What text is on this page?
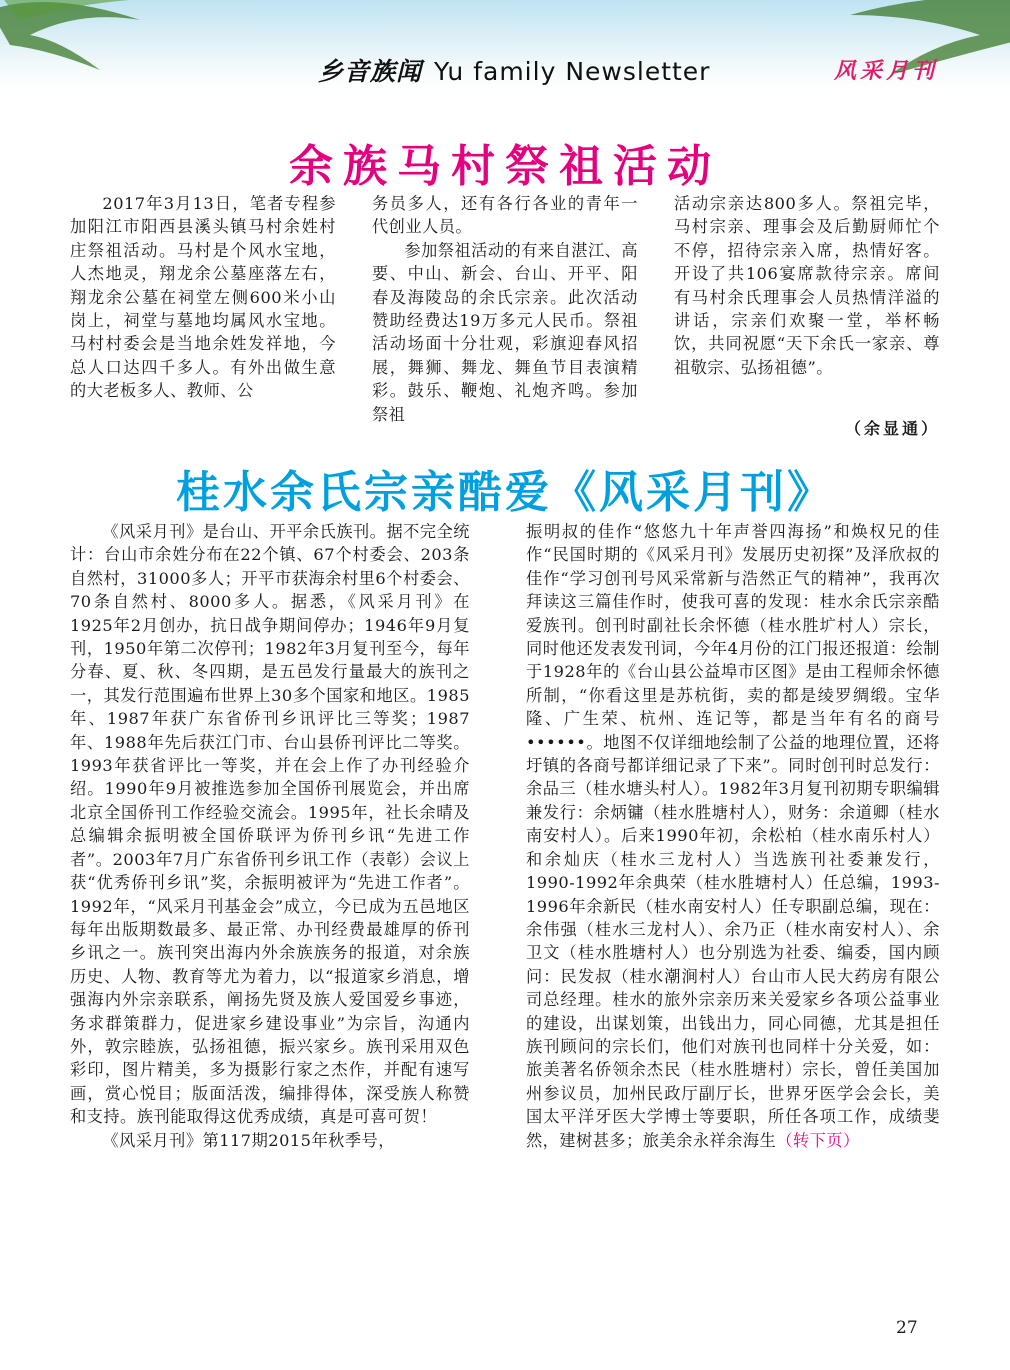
乡音族闻 Yu family Newsletter	风采月刊
余族马村祭祖活动

2017年3月13日，笔者专程参加阳江市阳西县溪头镇马村余姓村庄祭祖活动。马村是个风水宝地，人杰地灵，翔龙余公墓座落左右，翔龙余公墓在祠堂左侧600米小山岗上，祠堂与墓地均属风水宝地。马村村委会是当地余姓发祥地，今总人口达四千多人。有外出做生意的大老板多人、教师、公

务员多人，还有各行各业的青年一代创业人员。

参加祭祖活动的有来自湛江、高要、中山、新会、台山、开平、阳春及海陵岛的余氏宗亲。此次活动赞助经费达19万多元人民币。祭祖活动场面十分壮观，彩旗迎春风招展，舞狮、舞龙、舞鱼节目表演精彩。鼓乐、鞭炮、礼炮齐鸣。参加祭祖

活动宗亲达800多人。祭祖完毕，马村宗亲、理事会及后勤厨师忙个不停，招待宗亲入席，热情好客。开设了共106宴席款待宗亲。席间有马村余氏理事会人员热情洋溢的讲话，宗亲们欢聚一堂，举杯畅饮，共同祝愿“天下余氏一家亲、尊祖敬宗、弘扬祖德”。

（余显通）
桂水余氏宗亲酷爱《风采月刊》

《风采月刊》是台山、开平余氏族刊。据不完全统计：台山市余姓分布在22个镇、67个村委会、203条自然村，31000多人；开平市获海余村里6个村委会、70条自然村、8000多人。据悉，《风采月刊》在1925年2月创办，抗日战争期间停办；1946年9月复刊，1950年第二次停刊；1982年3月复刊至今，每年分春、夏、秋、冬四期，是五邑发行量最大的族刊之一，其发行范围遍布世界上30多个国家和地区。1985年、1987年获广东省侨刊乡讯评比三等奖；1987年、1988年先后获江门市、台山县侨刊评比二等奖。1993年获省评比一等奖，并在会上作了办刊经验介绍。1990年9月被推选参加全国侨刊展览会，并出席北京全国侨刊工作经验交流会。1995年，社长余晴及总编辑余振明被全国侨联评为侨刊乡讯“先进工作者”。2003年7月广东省侨刊乡讯工作（表彰）会议上获“优秀侨刊乡讯”奖，余振明被评为“先进工作者”。1992年，“风采月刊基金会”成立，今已成为五邑地区每年出版期数最多、最正常、办刊经费最雄厚的侨刊乡讯之一。族刊突出海内外余族族务的报道，对余族历史、人物、教育等尤为着力，以“报道家乡消息，增强海内外宗亲联系，阐扬先贤及族人爱国爱乡事迹，务求群策群力，促进家乡建设事业”为宗旨，沟通内外，敦宗睦族，弘扬祖德，振兴家乡。族刊采用双色彩印，图片精美，多为摄影行家之杰作，并配有速写画，赏心悦目；版面活泼，编排得体，深受族人称赞和支持。族刊能取得这优秀成绩，真是可喜可贺！

《风采月刊》第117期2015年秋季号，

振明叔的佳作“悠悠九十年声誉四海扬”和焕权兄的佳作“民国时期的《风采月刊》发展历史初探”及泽欣叔的佳作“学习创刊号风采常新与浩然正气的精神”，我再次拜读这三篇佳作时，使我可喜的发现：桂水余氏宗亲酷爱族刊。创刊时副社长余怀德（桂水胜圹村人）宗长，同时他还发表发刊词，今年4月份的江门报还报道：绘制于1928年的《台山县公益埠市区图》是由工程师余怀德所制，“你看这里是苏杭街，卖的都是绫罗绸缎。宝华隆、广生荣、杭州、连记等，都是当年有名的商号••••••。地图不仅详细地绘制了公益的地理位置，还将圩镇的各商号都详细记录了下来”。同时创刊时总发行：余品三（桂水塘头村人）。1982年3月复刊初期专职编辑兼发行：余炳镛（桂水胜塘村人），财务：余道卿（桂水南安村人）。后来1990年初，余松柏（桂水南乐村人）和余灿庆（桂水三龙村人）当选族刊社委兼发行，1990-1992年余典荣（桂水胜塘村人）任总编，1993-1996年余新民（桂水南安村人）任专职副总编，现在：余伟强（桂水三龙村人）、余乃正（桂水南安村人）、余卫文（桂水胜塘村人）也分别选为社委、编委，国内顾问：民发叔（桂水潮涧村人）台山市人民大药房有限公司总经理。桂水的旅外宗亲历来关爱家乡各项公益事业的建设，出谋划策，出钱出力，同心同德，尤其是担任族刊顾问的宗长们，他们对族刊也同样十分关爱，如：旅美著名侨领余杰民（桂水胜塘村）宗长，曾任美国加州参议员，加州民政厅副厅长，世界牙医学会会长，美国太平洋牙医大学博士等要职，所任各项工作，成绩斐然，建树甚多；旅美余永祥余海生（转下页）

27
